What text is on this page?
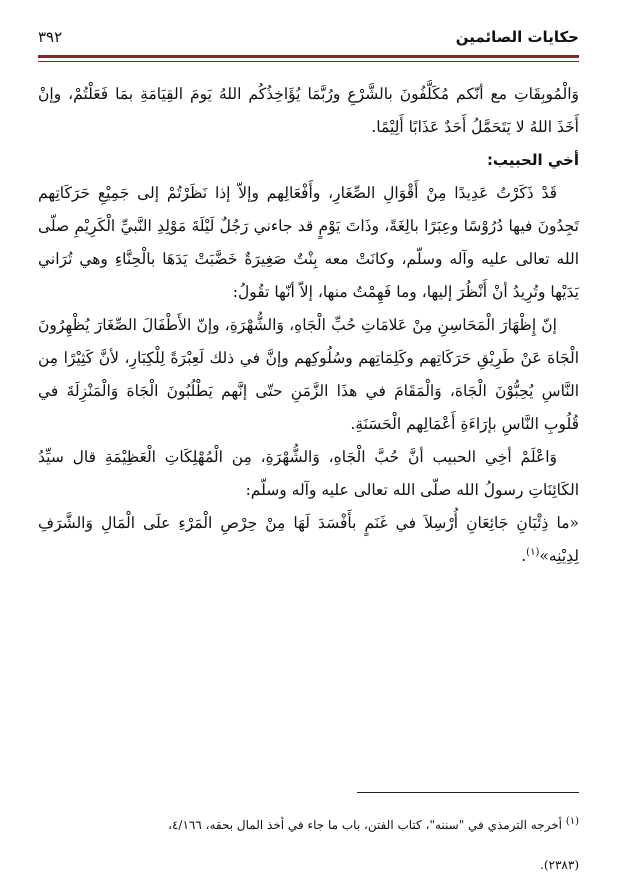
حكايات الصائمين
٣٩٢

وَالْمُوبِقَاتِ مع أنّكم مُكَلَّفُونَ بالشَّرْعِ ورُبَّمَا يُؤَاخِذُكُم اللهُ يَومَ القِيَامَةِ بمَا فَعَلْتُمْ، وإنْ أَخَذَ اللهُ لا يَتَحَمَّلُ أَحَدٌ عَذَابًا أَلِيْمًا.

أخي الحبيب:

قَدْ ذَكَرْتُ عَدِيدًا مِنْ أَقْوَالِ الصِّغَارِ، وأَفْعَالِهم وإلاّ إذا نَظَرْتُمْ إلى جَمِيْعِ حَرَكَاتِهم تَجِدُونَ فيها دُرُوْسًا وعِبَرًا بالِغَةً، وذَاتَ يَوْمٍ قد جاءني رَجُلٌ لَيْلَةَ مَوْلِدِ النَّبيِّ الْكَرِيْمِ صلّى الله تعالى عليه وآله وسلّم، وكانَتْ معه بِنْتٌ صَغِيرَةٌ خَضَّبَتْ يَدَهَا بالْحِنَّاءِ وهي تُرَاني يَدَيْها وتُرِيدُ أنْ أَنْظُرَ إليها، وما فَهِمْتُ منها، إلاّ أنّها تقُولُ:

إنّ إِظْهَارَ الْمَحَاسِنِ مِنْ عَلامَاتِ حُبِّ الْجَاهِ، وَالشُّهْرَةِ، وإنّ الأَطْفَالَ الصِّغَارَ يُظْهِرُونَ الْجَاهَ عَنْ طَرِيْقِ حَرَكَاتِهم وكَلِمَاتِهم وسُلُوكِهم وإنَّ في ذلك لَعِبْرَةً لِلْكِبَارِ، لأنَّ كَثِيْرًا مِن النَّاسِ يُحِبُّوْنَ الْجَاهَ، وَالْمَقَامَ في هذَا الزَّمَنِ حتّى إنَّهم يَطْلُبُونَ الْجَاهَ وَالْمَنْزِلَةَ في قُلُوبِ النَّاسِ بإرَاءَةِ أَعْمَالِهم الْحَسَنَةِ.

وَاعْلَمْ أخِي الحبيب أنَّ حُبَّ الْجَاهِ، وَالشُّهْرَةِ، مِن الْمُهْلِكَاتِ الْعَظِيْمَةِ قال سيِّدُ الكَائِنَاتِ رسولُ الله صلّى الله تعالى عليه وآله وسلّم:

«ما ذِئْبَانِ جَائِعَانِ أُرْسِلاَ في غَنَمٍ بأَفْسَدَ لَهَا مِنْ حِرْصِ الْمَرْءِ علَى الْمَالِ وَالشَّرَفِ لِدِيْنِه»$^{(١)}$.

$^{(١)}$ أخرجه الترمذي في "سننه"، كتاب الفتن، باب ما جاء في أخذ المال بحقه، ٤/١٦٦،

(٢٣٨٣).
